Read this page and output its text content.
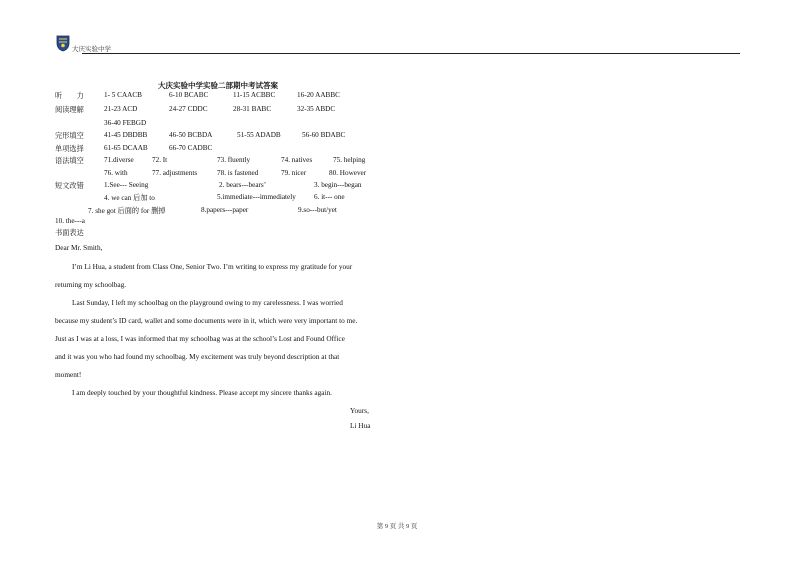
大庆实验中学
大庆实验中学实验二部期中考试答案
听　　力	1- 5 CAACB	6-10 BCABC	11-15 ACBBC	16-20 AABBC
阅读理解	21-23 ACD	24-27 CDDC	28-31 BABC	32-35 ABDC
36-40 FEBGD
完形填空	41-45 DBDBB	46-50 BCBDA	51-55 ADADB	56-60 BDABC
单项选择	61-65 DCAAB	66-70 CADBC
语法填空	71.diverse	72. It	73. fluently	74. natives	75. helping
76. with	77. adjustments	78. is fastened	79. nicer	80. However
短文改错	1.See--- Seeing	2. bears---bears’	3. begin---began
4. we can 后加 to	5.immediate---immediately	6. it--- one
7. she got 后面的 for 删掉	8.papers---paper	9.so---but/yet
10. the---a
书面表达
Dear Mr. Smith,
I’m Li Hua, a student from Class One, Senior Two. I’m writing to express my gratitude for your
returning my schoolbag.
Last Sunday, I left my schoolbag on the playground owing to my carelessness. I was worried
because my student’s ID card, wallet and some documents were in it, which were very important to me.
Just as I was at a loss, I was informed that my schoolbag was at the school’s Lost and Found Office
and it was you who had found my schoolbag. My excitement was truly beyond description at that
moment!
I am deeply touched by your thoughtful kindness. Please accept my sincere thanks again.
Yours,
Li Hua
第 9 页 共 9 页
